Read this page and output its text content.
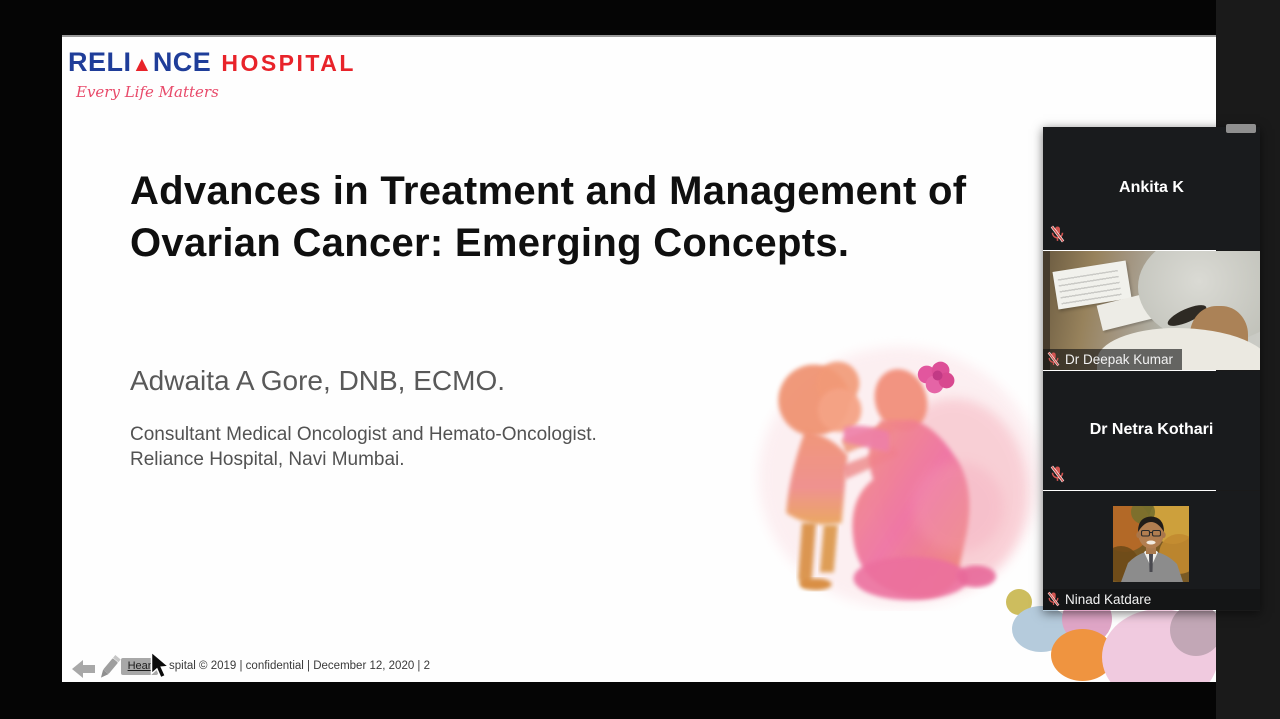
RELI▲NCE HOSPITAL
Every Life Matters
Advances in Treatment and Management of
Ovarian Cancer: Emerging Concepts.
Adwaita A Gore, DNB, ECMO.
Consultant Medical Oncologist and Hemato-Oncologist.
Reliance Hospital, Navi Mumbai.
Hear	spital © 2019 | confidential | December 12, 2020 | 2
Ankita K
Dr Deepak Kumar
Dr Netra Kothari
Ninad Katdare
